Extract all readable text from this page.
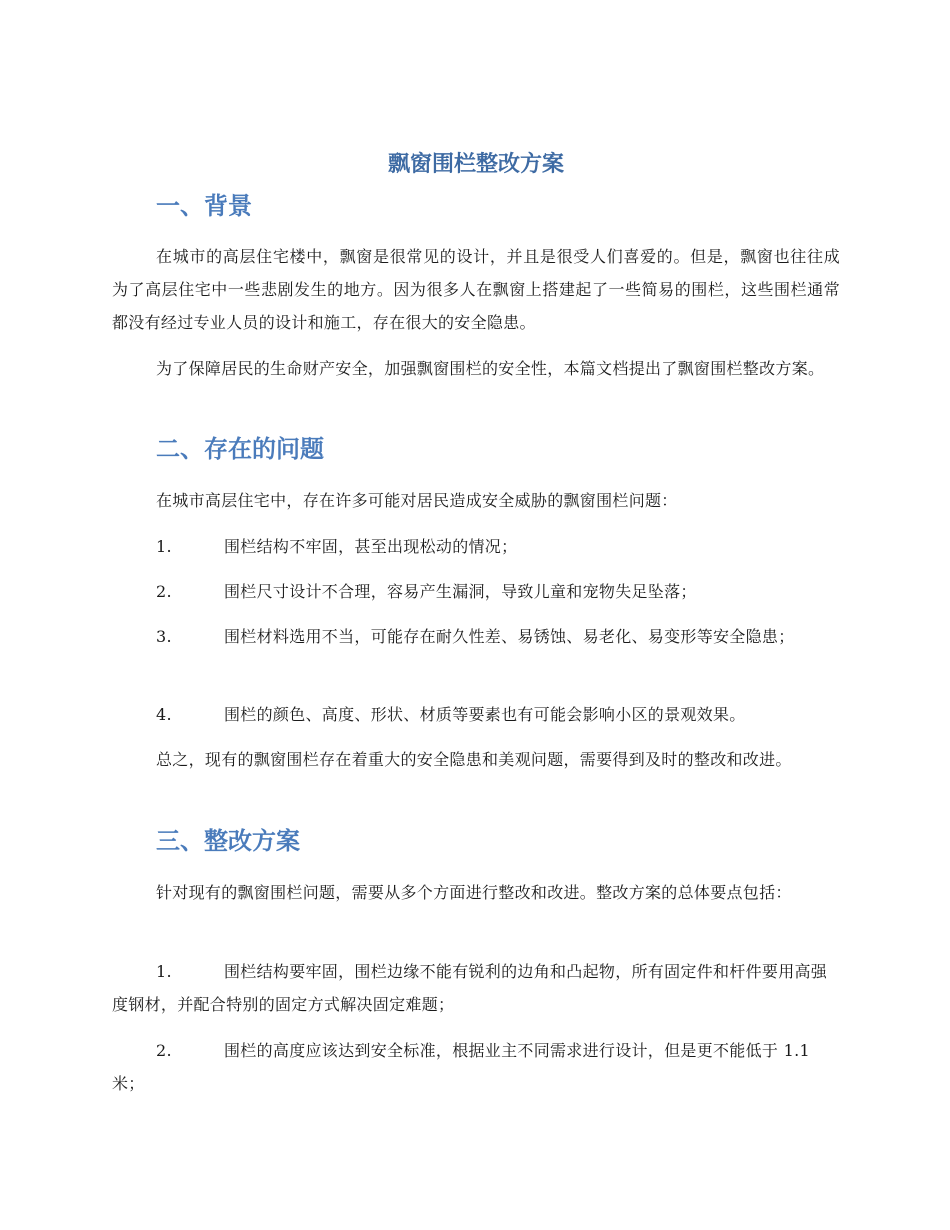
飘窗围栏整改方案
一、背景
在城市的高层住宅楼中，飘窗是很常见的设计，并且是很受人们喜爱的。但是，飘窗也往往成为了高层住宅中一些悲剧发生的地方。因为很多人在飘窗上搭建起了一些简易的围栏，这些围栏通常都没有经过专业人员的设计和施工，存在很大的安全隐患。
为了保障居民的生命财产安全，加强飘窗围栏的安全性，本篇文档提出了飘窗围栏整改方案。
二、存在的问题
在城市高层住宅中，存在许多可能对居民造成安全威胁的飘窗围栏问题：
1.	围栏结构不牢固，甚至出现松动的情况；
2.	围栏尺寸设计不合理，容易产生漏洞，导致儿童和宠物失足坠落；
3.	围栏材料选用不当，可能存在耐久性差、易锈蚀、易老化、易变形等安全隐患；
4.	围栏的颜色、高度、形状、材质等要素也有可能会影响小区的景观效果。
总之，现有的飘窗围栏存在着重大的安全隐患和美观问题，需要得到及时的整改和改进。
三、整改方案
针对现有的飘窗围栏问题，需要从多个方面进行整改和改进。整改方案的总体要点包括：
1.	围栏结构要牢固，围栏边缘不能有锐利的边角和凸起物，所有固定件和杆件要用高强度钢材，并配合特别的固定方式解决固定难题；
2.	围栏的高度应该达到安全标准，根据业主不同需求进行设计，但是更不能低于 1.1 米；
